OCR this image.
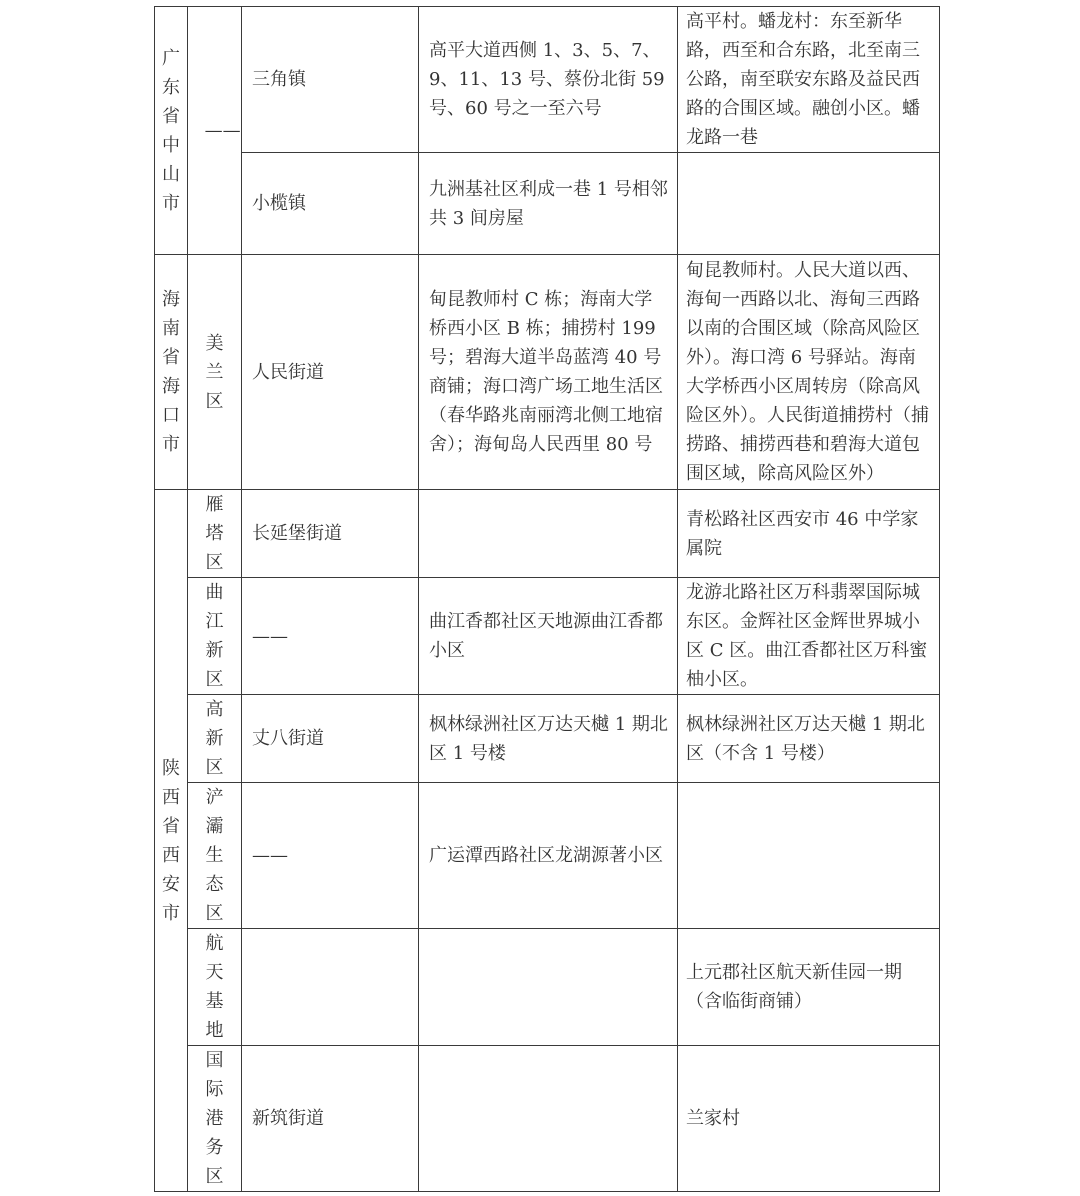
广东省中山市	——	三角镇	高平大道西侧 1、3、5、7、9、11、13 号、蔡份北街 59 号、60 号之一至六号	高平村。蟠龙村：东至新华路，西至和合东路，北至南三公路，南至联安东路及益民西路的合围区域。融创小区。蟠龙路一巷
		小榄镇	九洲基社区利成一巷 1 号相邻共 3 间房屋	

海南省海口市	美兰区	人民街道	甸昆教师村 C 栋；海南大学桥西小区 B 栋；捕捞村 199 号；碧海大道半岛蓝湾 40 号商铺；海口湾广场工地生活区（春华路兆南丽湾北侧工地宿舍）；海甸岛人民西里 80 号	甸昆教师村。人民大道以西、海甸一西路以北、海甸三西路以南的合围区域（除高风险区外）。海口湾 6 号驿站。海南大学桥西小区周转房（除高风险区外）。人民街道捕捞村（捕捞路、捕捞西巷和碧海大道包围区域，除高风险区外）

陕西省西安市	雁塔区	长延堡街道		青松路社区西安市 46 中学家属院

	曲江新区	——	曲江香都社区天地源曲江香都小区	龙游北路社区万科翡翠国际城东区。金辉社区金辉世界城小区 C 区。曲江香都社区万科蜜柚小区。

	高新区	丈八街道	枫林绿洲社区万达天樾 1 期北区 1 号楼	枫林绿洲社区万达天樾 1 期北区（不含 1 号楼）

	浐灞生态区	——	广运潭西路社区龙湖源著小区	

	航天基地			上元郡社区航天新佳园一期（含临街商铺）

	国际港务区	新筑街道		兰家村
